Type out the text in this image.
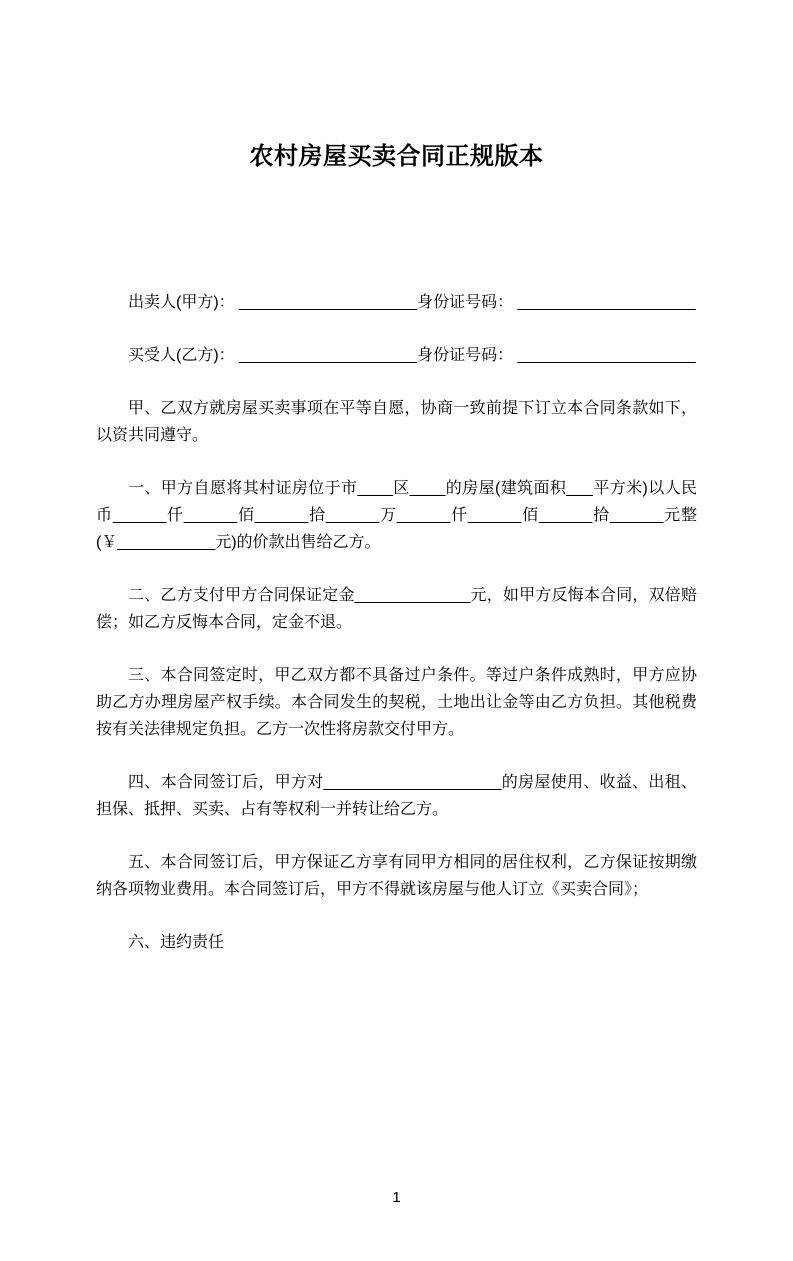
农村房屋买卖合同正规版本

出卖人(甲方)： ____________________身份证号码： ____________________

买受人(乙方)： ____________________身份证号码： ____________________

甲、乙双方就房屋买卖事项在平等自愿，协商一致前提下订立本合同条款如下，以资共同遵守。

一、甲方自愿将其村证房位于市____区____的房屋(建筑面积___平方米)以人民币______仟______佰______拾______万______仟______佰______拾______元整(￥___________元)的价款出售给乙方。

二、乙方支付甲方合同保证定金_____________元，如甲方反悔本合同，双倍赔偿；如乙方反悔本合同，定金不退。

三、本合同签定时，甲乙双方都不具备过户条件。等过户条件成熟时，甲方应协助乙方办理房屋产权手续。本合同发生的契税，土地出让金等由乙方负担。其他税费按有关法律规定负担。乙方一次性将房款交付甲方。

四、本合同签订后，甲方对____________________的房屋使用、收益、出租、担保、抵押、买卖、占有等权利一并转让给乙方。

五、本合同签订后，甲方保证乙方享有同甲方相同的居住权利，乙方保证按期缴纳各项物业费用。本合同签订后，甲方不得就该房屋与他人订立《买卖合同》；

六、违约责任

1
